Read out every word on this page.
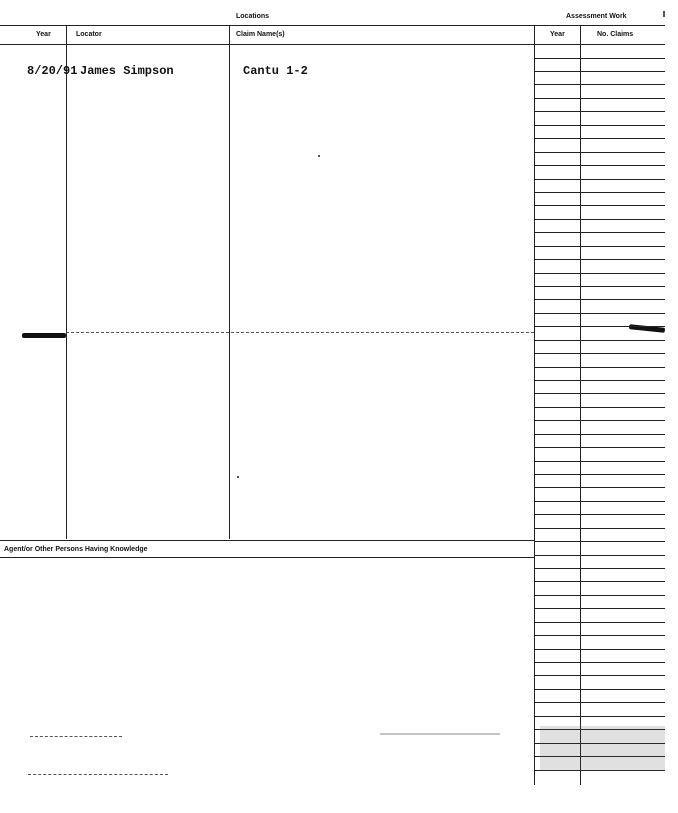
Locations	Assessment Work
Year	Locator	Claim Name(s)	Year	No. Claims
8/20/91 James Simpson	Cantu 1-2
Agent/or Other Persons Having Knowledge
